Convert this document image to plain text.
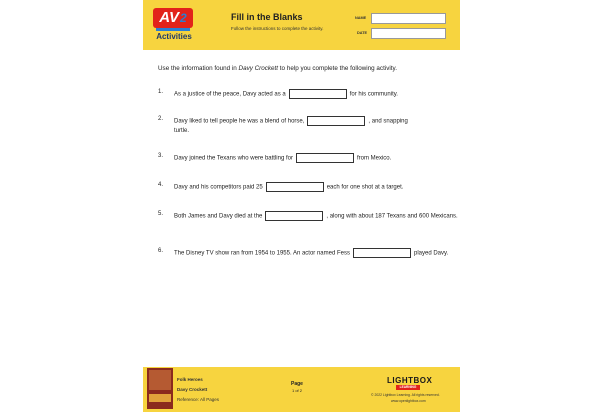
AV2
Activities
Fill in the Blanks
Follow the instructions to complete the activity.
NAME
DATE
Use the information found in Davy Crockett to help you complete the following activity.
1. As a justice of the peace, Davy acted as a	for his community.
2. Davy liked to tell people he was a blend of horse,	, and snapping turtle.
3. Davy joined the Texans who were battling for	from Mexico.
4. Davy and his competitors paid 25	each for one shot at a target.
5. Both James and Davy died at the	, along with about 187 Texans and 600 Mexicans.
6. The Disney TV show ran from 1954 to 1955. An actor named Fess	played Davy.
Folk Heroes
Davy Crockett
Reference: All Pages
Page
1 of 2
LIGHTBOX
LEARNING
© 2022 Lightbox Learning. All rights reserved.
www.openlightbox.com
